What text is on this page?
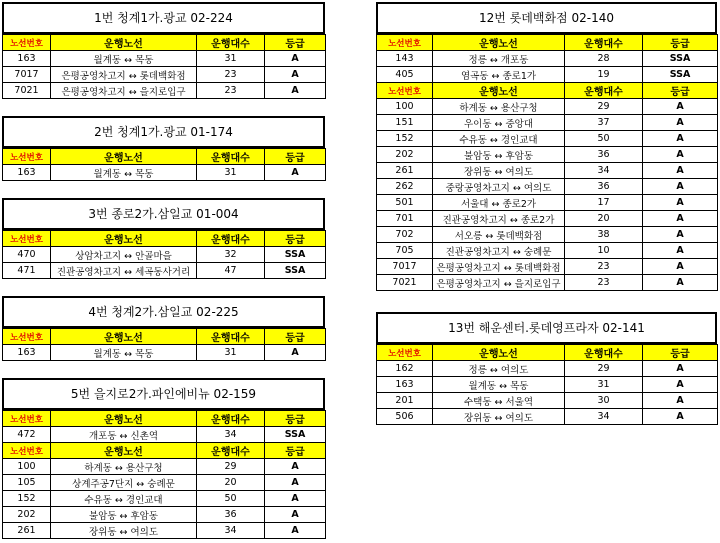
1번 청계1가.광교 02-224
노선번호	운행노선	운행대수	등급
163	월계동 ↔ 목동	31	A
7017	은평공영차고지 ↔ 롯데백화점	23	A
7021	은평공영차고지 ↔ 을지로입구	23	A
2번 청계1가.광교 01-174
노선번호	운행노선	운행대수	등급
163	월계동 ↔ 목동	31	A
3번 종로2가.삼일교 01-004
노선번호	운행노선	운행대수	등급
470	상암차고지 ↔ 안골마을	32	SSA
471	진관공영차고지 ↔ 세곡동사거리	47	SSA
4번 청계2가.삼일교 02-225
노선번호	운행노선	운행대수	등급
163	월계동 ↔ 목동	31	A
5번 을지로2가.파인에비뉴 02-159
노선번호	운행노선	운행대수	등급
472	개포동 ↔ 신촌역	34	SSA
노선번호	운행노선	운행대수	등급
100	하계동 ↔ 용산구청	29	A
105	상계주공7단지 ↔ 숭례문	20	A
152	수유동 ↔ 경인교대	50	A
202	불암동 ↔ 후암동	36	A
261	장위동 ↔ 여의도	34	A
12번 롯데백화점 02-140
노선번호	운행노선	운행대수	등급
143	정릉 ↔ 개포동	28	SSA
405	염곡동 ↔ 종로1가	19	SSA
노선번호	운행노선	운행대수	등급
100	하계동 ↔ 용산구청	29	A
151	우이동 ↔ 중앙대	37	A
152	수유동 ↔ 경인교대	50	A
202	불암동 ↔ 후암동	36	A
261	장위동 ↔ 여의도	34	A
262	중랑공영차고지 ↔ 여의도	36	A
501	서울대 ↔ 종로2가	17	A
701	진관공영차고지 ↔ 종로2가	20	A
702	서오릉 ↔ 롯데백화점	38	A
705	진관공영차고지 ↔ 숭례문	10	A
7017	은평공영차고지 ↔ 롯데백화점	23	A
7021	은평공영차고지 ↔ 을지로입구	23	A
13번 해운센터.롯데영프라자 02-141
노선번호	운행노선	운행대수	등급
162	정릉 ↔ 여의도	29	A
163	월계동 ↔ 목동	31	A
201	수택동 ↔ 서울역	30	A
506	장위동 ↔ 여의도	34	A
